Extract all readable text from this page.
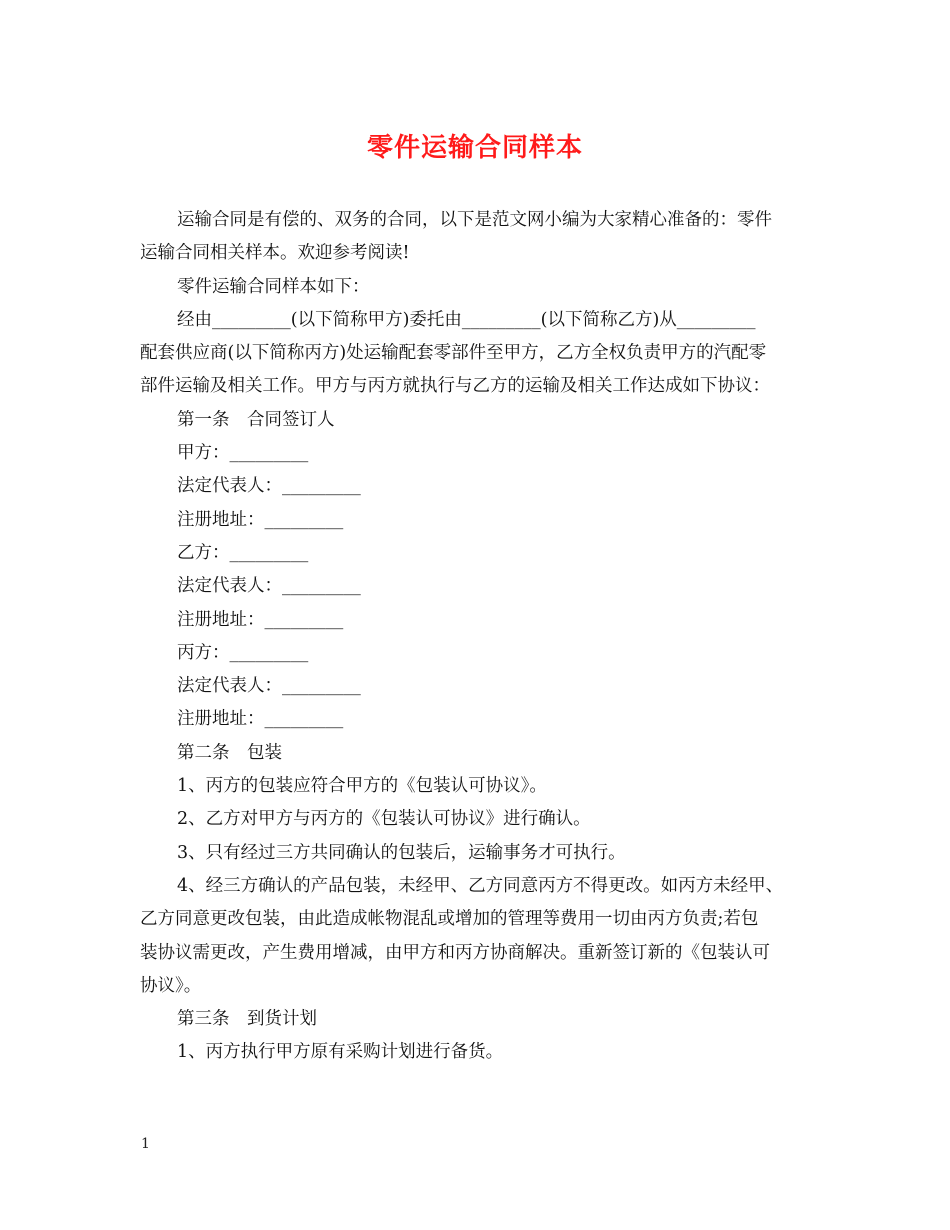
零件运输合同样本

运输合同是有偿的、双务的合同，以下是范文网小编为大家精心准备的：零件

运输合同相关样本。欢迎参考阅读!

零件运输合同样本如下：

经由_________(以下简称甲方)委托由_________(以下简称乙方)从_________

配套供应商(以下简称丙方)处运输配套零部件至甲方，乙方全权负责甲方的汽配零

部件运输及相关工作。甲方与丙方就执行与乙方的运输及相关工作达成如下协议：

第一条　合同签订人

甲方：_________

法定代表人：_________

注册地址：_________

乙方：_________

法定代表人：_________

注册地址：_________

丙方：_________

法定代表人：_________

注册地址：_________

第二条　包装

1、丙方的包装应符合甲方的《包装认可协议》。

2、乙方对甲方与丙方的《包装认可协议》进行确认。

3、只有经过三方共同确认的包装后，运输事务才可执行。

4、经三方确认的产品包装，未经甲、乙方同意丙方不得更改。如丙方未经甲、

乙方同意更改包装，由此造成帐物混乱或增加的管理等费用一切由丙方负责;若包

装协议需更改，产生费用增减，由甲方和丙方协商解决。重新签订新的《包装认可

协议》。

第三条　到货计划

1、丙方执行甲方原有采购计划进行备货。

1
